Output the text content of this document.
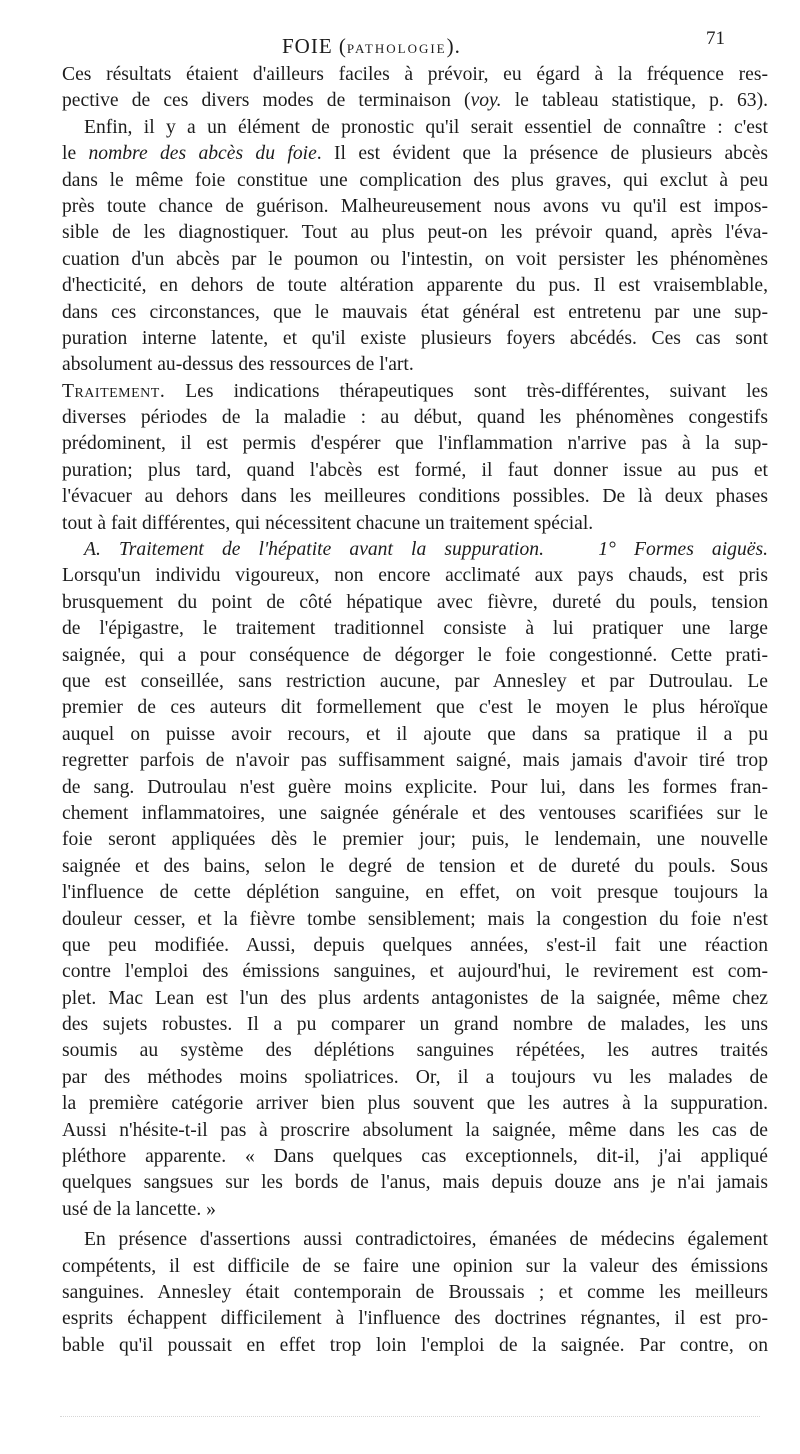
FOIE (PATHOLOGIE).	71
Ces résultats étaient d'ailleurs faciles à prévoir, eu égard à la fréquence res-
pective de ces divers modes de terminaison (voy. le tableau statistique, p. 63).
Enfin, il y a un élément de pronostic qu'il serait essentiel de connaître : c'est
le nombre des abcès du foie. Il est évident que la présence de plusieurs abcès
dans le même foie constitue une complication des plus graves, qui exclut à peu
près toute chance de guérison. Malheureusement nous avons vu qu'il est impos-
sible de les diagnostiquer. Tout au plus peut-on les prévoir quand, après l'éva-
cuation d'un abcès par le poumon ou l'intestin, on voit persister les phénomènes
d'hecticité, en dehors de toute altération apparente du pus. Il est vraisemblable,
dans ces circonstances, que le mauvais état général est entretenu par une sup-
puration interne latente, et qu'il existe plusieurs foyers abcédés. Ces cas sont
absolument au-dessus des ressources de l'art.
Traitement. Les indications thérapeutiques sont très-différentes, suivant les
diverses périodes de la maladie : au début, quand les phénomènes congestifs
prédominent, il est permis d'espérer que l'inflammation n'arrive pas à la sup-
puration; plus tard, quand l'abcès est formé, il faut donner issue au pus et
l'évacuer au dehors dans les meilleures conditions possibles. De là deux phases
tout à fait différentes, qui nécessitent chacune un traitement spécial.
A. Traitement de l'hépatite avant la suppuration.	1° Formes aiguës.
Lorsqu'un individu vigoureux, non encore acclimaté aux pays chauds, est pris
brusquement du point de côté hépatique avec fièvre, dureté du pouls, tension
de l'épigastre, le traitement traditionnel consiste à lui pratiquer une large
saignée, qui a pour conséquence de dégorger le foie congestionné. Cette prati-
que est conseillée, sans restriction aucune, par Annesley et par Dutroulau. Le
premier de ces auteurs dit formellement que c'est le moyen le plus héroïque
auquel on puisse avoir recours, et il ajoute que dans sa pratique il a pu
regretter parfois de n'avoir pas suffisamment saigné, mais jamais d'avoir tiré trop
de sang. Dutroulau n'est guère moins explicite. Pour lui, dans les formes fran-
chement inflammatoires, une saignée générale et des ventouses scarifiées sur le
foie seront appliquées dès le premier jour; puis, le lendemain, une nouvelle
saignée et des bains, selon le degré de tension et de dureté du pouls. Sous
l'influence de cette déplétion sanguine, en effet, on voit presque toujours la
douleur cesser, et la fièvre tombe sensiblement; mais la congestion du foie n'est
que peu modifiée. Aussi, depuis quelques années, s'est-il fait une réaction
contre l'emploi des émissions sanguines, et aujourd'hui, le revirement est com-
plet. Mac Lean est l'un des plus ardents antagonistes de la saignée, même chez
des sujets robustes. Il a pu comparer un grand nombre de malades, les uns
soumis au système des déplétions sanguines répétées, les autres traités
par des méthodes moins spoliatrices. Or, il a toujours vu les malades de
la première catégorie arriver bien plus souvent que les autres à la suppuration.
Aussi n'hésite-t-il pas à proscrire absolument la saignée, même dans les cas de
pléthore apparente. « Dans quelques cas exceptionnels, dit-il, j'ai appliqué
quelques sangsues sur les bords de l'anus, mais depuis douze ans je n'ai jamais
usé de la lancette. »
En présence d'assertions aussi contradictoires, émanées de médecins également
compétents, il est difficile de se faire une opinion sur la valeur des émissions
sanguines. Annesley était contemporain de Broussais ; et comme les meilleurs
esprits échappent difficilement à l'influence des doctrines régnantes, il est pro-
bable qu'il poussait en effet trop loin l'emploi de la saignée. Par contre, on
